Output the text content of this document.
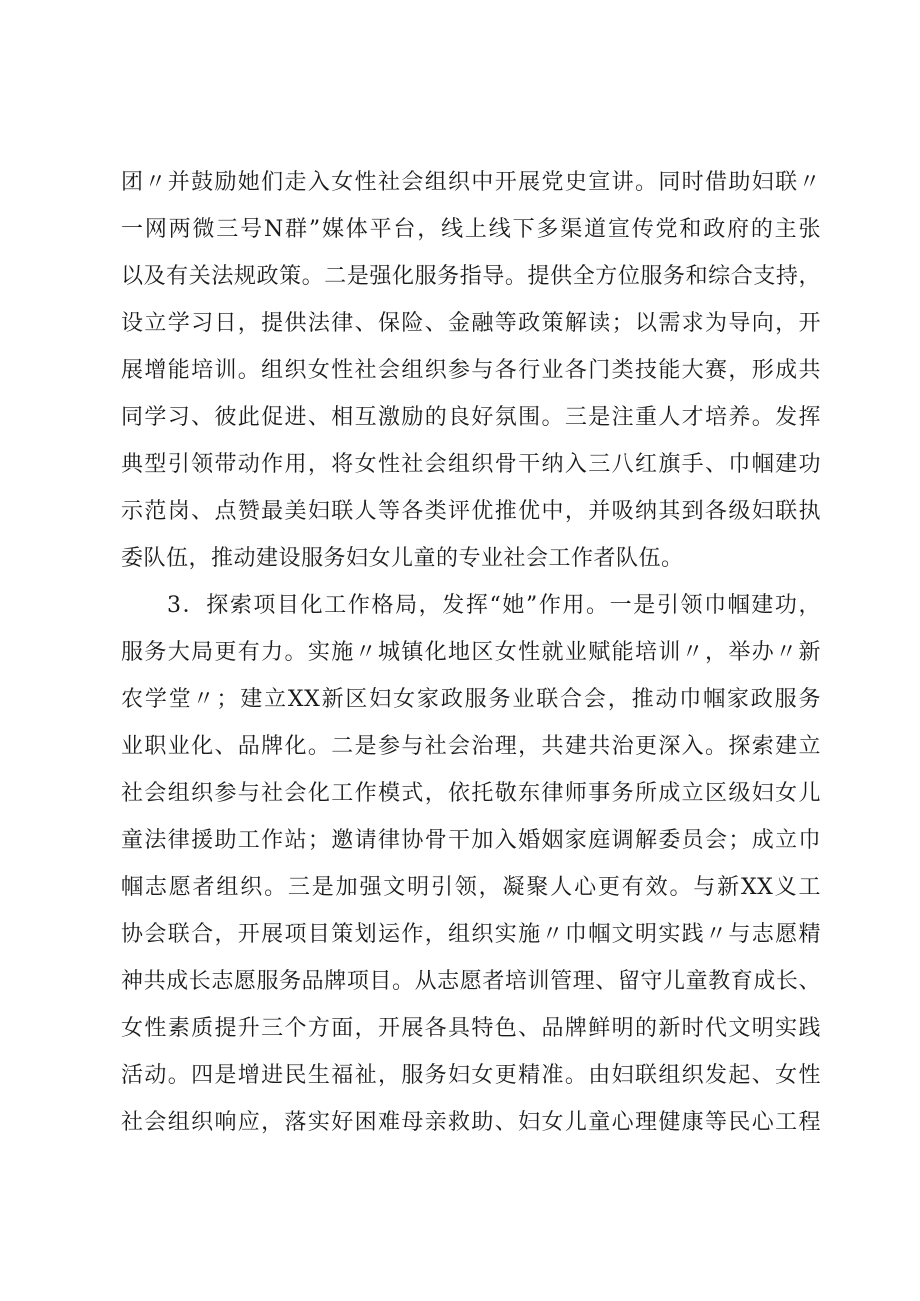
团〃并鼓励她们走入女性社会组织中开展党史宣讲。同时借助妇联〃
一网两微三号N群”媒体平台，线上线下多渠道宣传党和政府的主张
以及有关法规政策。二是强化服务指导。提供全方位服务和综合支持，
设立学习日，提供法律、保险、金融等政策解读；以需求为导向，开
展增能培训。组织女性社会组织参与各行业各门类技能大赛，形成共
同学习、彼此促进、相互激励的良好氛围。三是注重人才培养。发挥
典型引领带动作用，将女性社会组织骨干纳入三八红旗手、巾帼建功
示范岗、点赞最美妇联人等各类评优推优中，并吸纳其到各级妇联执
委队伍，推动建设服务妇女儿童的专业社会工作者队伍。
3．探索项目化工作格局，发挥“她”作用。一是引领巾帼建功，
服务大局更有力。实施〃城镇化地区女性就业赋能培训〃，举办〃新
农学堂〃；建立XX新区妇女家政服务业联合会，推动巾帼家政服务
业职业化、品牌化。二是参与社会治理，共建共治更深入。探索建立
社会组织参与社会化工作模式，依托敬东律师事务所成立区级妇女儿
童法律援助工作站；邀请律协骨干加入婚姻家庭调解委员会；成立巾
帼志愿者组织。三是加强文明引领，凝聚人心更有效。与新XX义工
协会联合，开展项目策划运作，组织实施〃巾帼文明实践〃与志愿精
神共成长志愿服务品牌项目。从志愿者培训管理、留守儿童教育成长、
女性素质提升三个方面，开展各具特色、品牌鲜明的新时代文明实践
活动。四是增进民生福祉，服务妇女更精准。由妇联组织发起、女性
社会组织响应，落实好困难母亲救助、妇女儿童心理健康等民心工程
